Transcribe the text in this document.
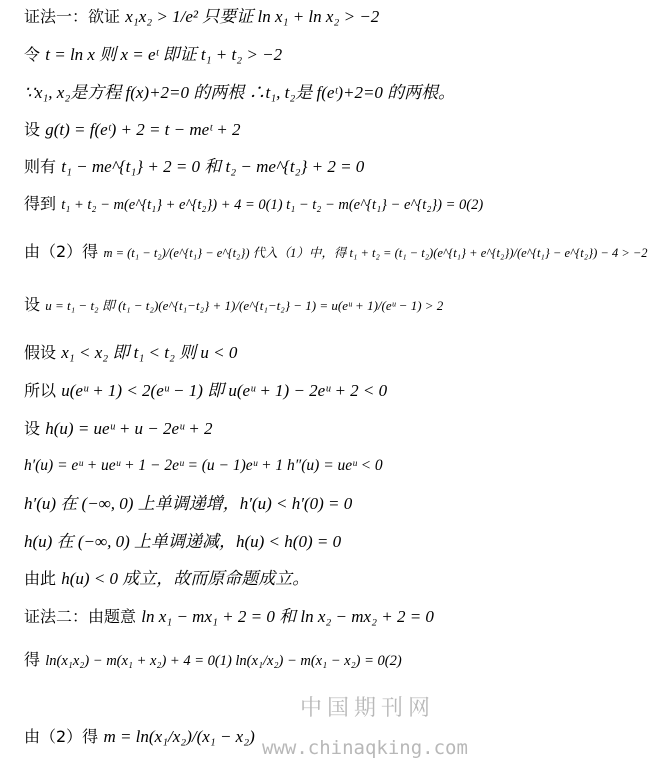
证法一：欲证 x₁x₂ > 1/e² 只要证 ln x₁ + ln x₂ > −2
令 t = ln x 则 x = eᵗ 即证 t₁ + t₂ > −2
∵x₁, x₂是方程 f(x)+2=0 的两根 ∴t₁, t₂是 f(eᵗ)+2=0 的两根。
设 g(t) = f(eᵗ) + 2 = t − meᵗ + 2
则有 t₁ − me^{t₁} + 2 = 0 和 t₂ − me^{t₂} + 2 = 0
得到 t₁ + t₂ − m(e^{t₁} + e^{t₂}) + 4 = 0(1) t₁ − t₂ − m(e^{t₁} − e^{t₂}) = 0(2)
由（2）得 m = (t₁ − t₂)/(e^{t₁} − e^{t₂}) 代入（1）中，得 t₁ + t₂ = (t₁ − t₂)(e^{t₁} + e^{t₂})/(e^{t₁} − e^{t₂}) − 4 > −2
设 u = t₁ − t₂ 即 (t₁ − t₂)(e^{t₁−t₂} + 1)/(e^{t₁−t₂} − 1) = u(eᵘ + 1)/(eᵘ − 1) > 2
假设 x₁ < x₂ 即 t₁ < t₂ 则 u < 0
所以 u(eᵘ + 1) < 2(eᵘ − 1) 即 u(eᵘ + 1) − 2eᵘ + 2 < 0
设 h(u) = ueᵘ + u − 2eᵘ + 2
h′(u) = eᵘ + ueᵘ + 1 − 2eᵘ = (u − 1)eᵘ + 1 h″(u) = ueᵘ < 0
h′(u) 在 (−∞, 0) 上单调递增，h′(u) < h′(0) = 0
h(u) 在 (−∞, 0) 上单调递减，h(u) < h(0) = 0
由此 h(u) < 0 成立，故而原命题成立。
证法二：由题意 ln x₁ − mx₁ + 2 = 0 和 ln x₂ − mx₂ + 2 = 0
得 ln(x₁x₂) − m(x₁ + x₂) + 4 = 0(1) ln(x₁/x₂) − m(x₁ − x₂) = 0(2)
由（2）得 m = ln(x₁/x₂)/(x₁ − x₂)
中国期刊网
www.chinaqking.com
